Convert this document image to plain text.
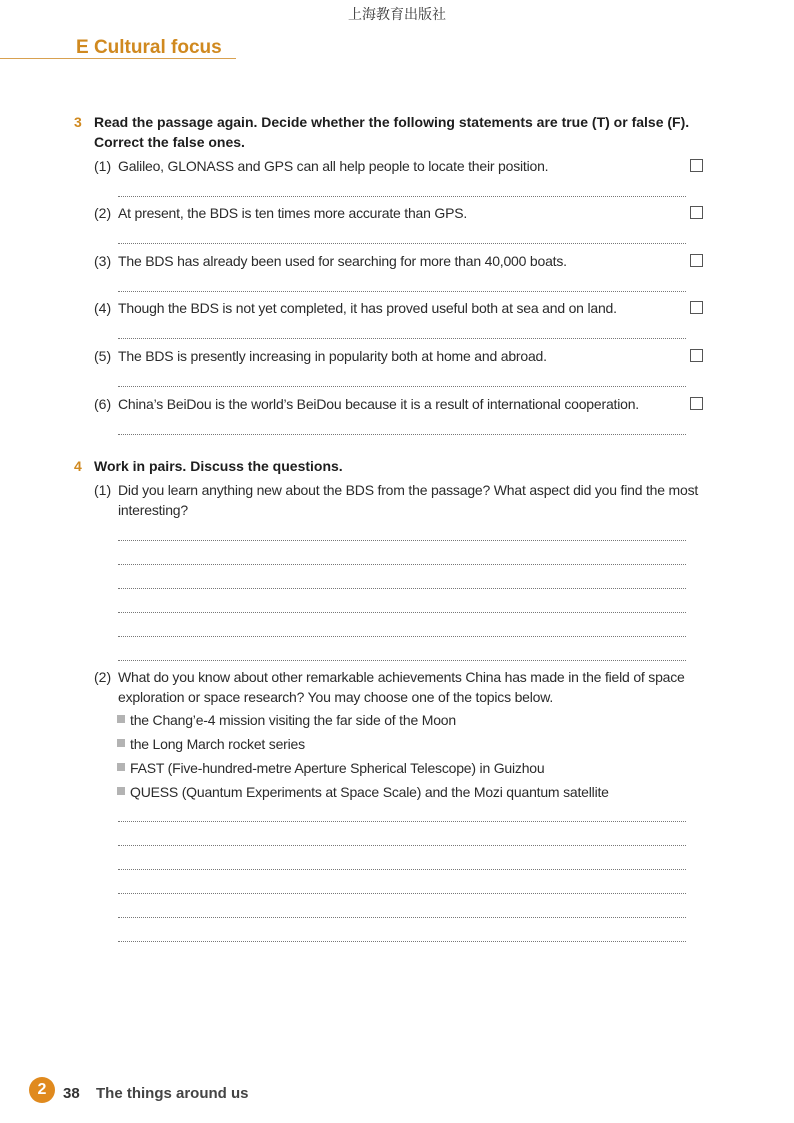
上海教育出版社
E Cultural focus
3 Read the passage again. Decide whether the following statements are true (T) or false (F).
Correct the false ones.
(1) Galileo, GLONASS and GPS can all help people to locate their position.
(2) At present, the BDS is ten times more accurate than GPS.
(3) The BDS has already been used for searching for more than 40,000 boats.
(4) Though the BDS is not yet completed, it has proved useful both at sea and on land.
(5) The BDS is presently increasing in popularity both at home and abroad.
(6) China’s BeiDou is the world’s BeiDou because it is a result of international cooperation.
4 Work in pairs. Discuss the questions.
(1) Did you learn anything new about the BDS from the passage? What aspect did you find the most interesting?
(2) What do you know about other remarkable achievements China has made in the field of space exploration or space research? You may choose one of the topics below.
the Chang’e-4 mission visiting the far side of the Moon
the Long March rocket series
FAST (Five-hundred-metre Aperture Spherical Telescope) in Guizhou
QUESS (Quantum Experiments at Space Scale) and the Mozi quantum satellite
2	38 The things around us
